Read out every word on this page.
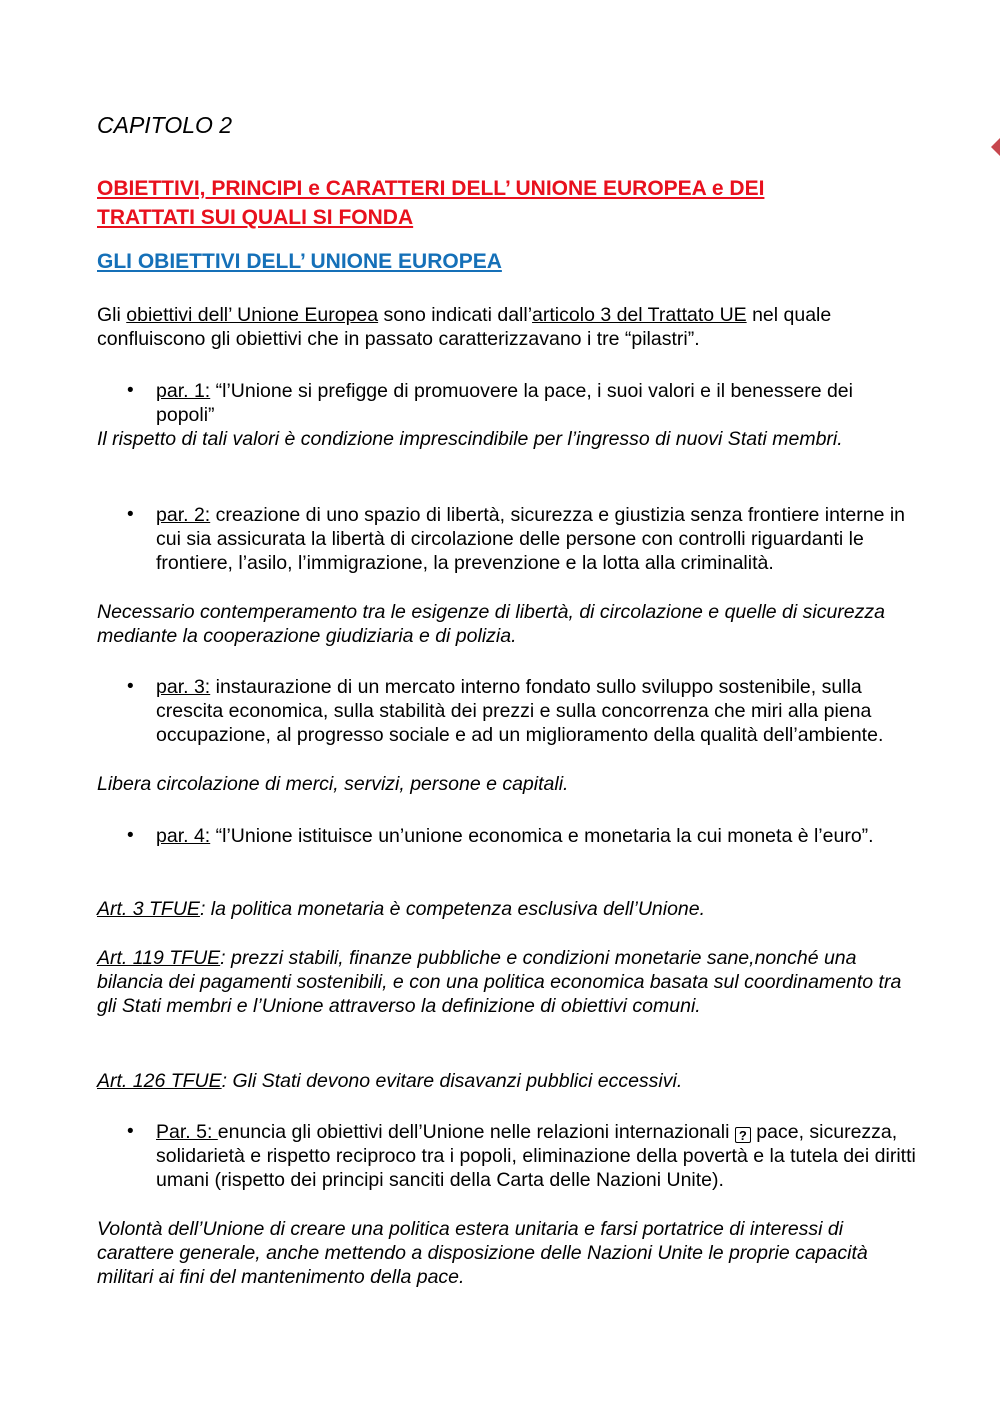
CAPITOLO 2

OBIETTIVI, PRINCIPI e CARATTERI DELL’ UNIONE EUROPEA e DEI
TRATTATI SUI QUALI SI FONDA
GLI OBIETTIVI DELL’ UNIONE EUROPEA

Gli obiettivi dell’ Unione Europea sono indicati dall’articolo 3 del Trattato UE nel quale confluiscono gli obiettivi che in passato caratterizzavano i tre “pilastri”.

• par. 1: “l’Unione si prefigge di promuovere la pace, i suoi valori e il benessere dei popoli”

Il rispetto di tali valori è condizione imprescindibile per l’ingresso di nuovi Stati membri.

• par. 2: creazione di uno spazio di libertà, sicurezza e giustizia senza frontiere interne in cui sia assicurata la libertà di circolazione delle persone con controlli riguardanti le frontiere, l’asilo, l’immigrazione, la prevenzione e la lotta alla criminalità.

Necessario contemperamento tra le esigenze di libertà, di circolazione e quelle di sicurezza mediante la cooperazione giudiziaria e di polizia.

• par. 3: instaurazione di un mercato interno fondato sullo sviluppo sostenibile, sulla crescita economica, sulla stabilità dei prezzi e sulla concorrenza che miri alla piena occupazione, al progresso sociale e ad un miglioramento della qualità dell’ambiente.

Libera circolazione di merci, servizi, persone e capitali.

• par. 4: “l’Unione istituisce un’unione economica e monetaria la cui moneta è l’euro”.

Art. 3 TFUE: la politica monetaria è competenza esclusiva dell’Unione.

Art. 119 TFUE: prezzi stabili, finanze pubbliche e condizioni monetarie sane,nonché una bilancia dei pagamenti sostenibili, e con una politica economica basata sul coordinamento tra gli Stati membri e l’Unione attraverso la definizione di obiettivi comuni.

Art. 126 TFUE: Gli Stati devono evitare disavanzi pubblici eccessivi.

• Par. 5: enuncia gli obiettivi dell’Unione nelle relazioni internazionali ? pace, sicurezza, solidarietà e rispetto reciproco tra i popoli, eliminazione della povertà e la tutela dei diritti umani (rispetto dei principi sanciti della Carta delle Nazioni Unite).

Volontà dell’Unione di creare una politica estera unitaria e farsi portatrice di interessi di carattere generale, anche mettendo a disposizione delle Nazioni Unite le proprie capacità militari ai fini del mantenimento della pace.
